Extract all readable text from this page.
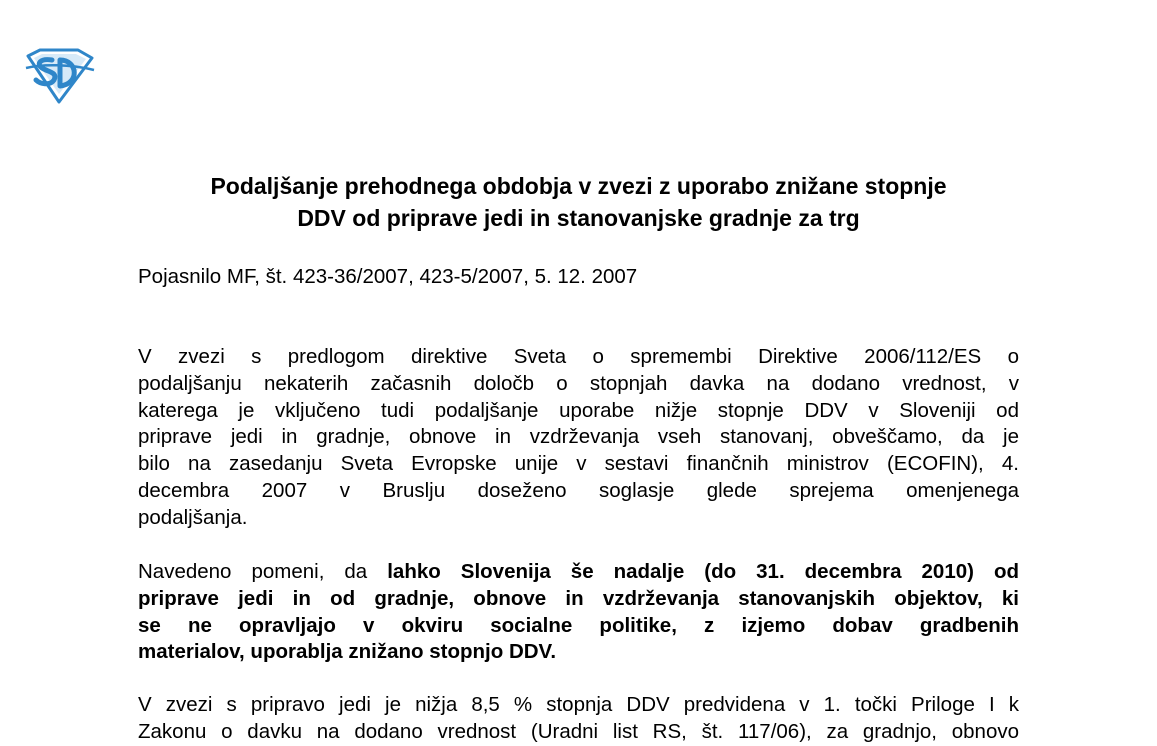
Podaljšanje prehodnega obdobja v zvezi z uporabo znižane stopnje
DDV od priprave jedi in stanovanjske gradnje za trg

Pojasnilo MF, št. 423-36/2007, 423-5/2007, 5. 12. 2007

V zvezi s predlogom direktive Sveta o spremembi Direktive 2006/112/ES o
podaljšanju nekaterih začasnih določb o stopnjah davka na dodano vrednost, v
katerega je vključeno tudi podaljšanje uporabe nižje stopnje DDV v Sloveniji od
priprave jedi in gradnje, obnove in vzdrževanja vseh stanovanj, obveščamo, da je
bilo na zasedanju Sveta Evropske unije v sestavi finančnih ministrov (ECOFIN), 4.
decembra 2007 v Bruslju doseženo soglasje glede sprejema omenjenega
podaljšanja.
Navedeno pomeni, da lahko Slovenija še nadalje (do 31. decembra 2010) od
priprave jedi in od gradnje, obnove in vzdrževanja stanovanjskih objektov, ki
se ne opravljajo v okviru socialne politike, z izjemo dobav gradbenih
materialov, uporablja znižano stopnjo DDV.
V zvezi s pripravo jedi je nižja 8,5 % stopnja DDV predvidena v 1. točki Priloge I k
Zakonu o davku na dodano vrednost (Uradni list RS, št. 117/06), za gradnjo, obnovo
